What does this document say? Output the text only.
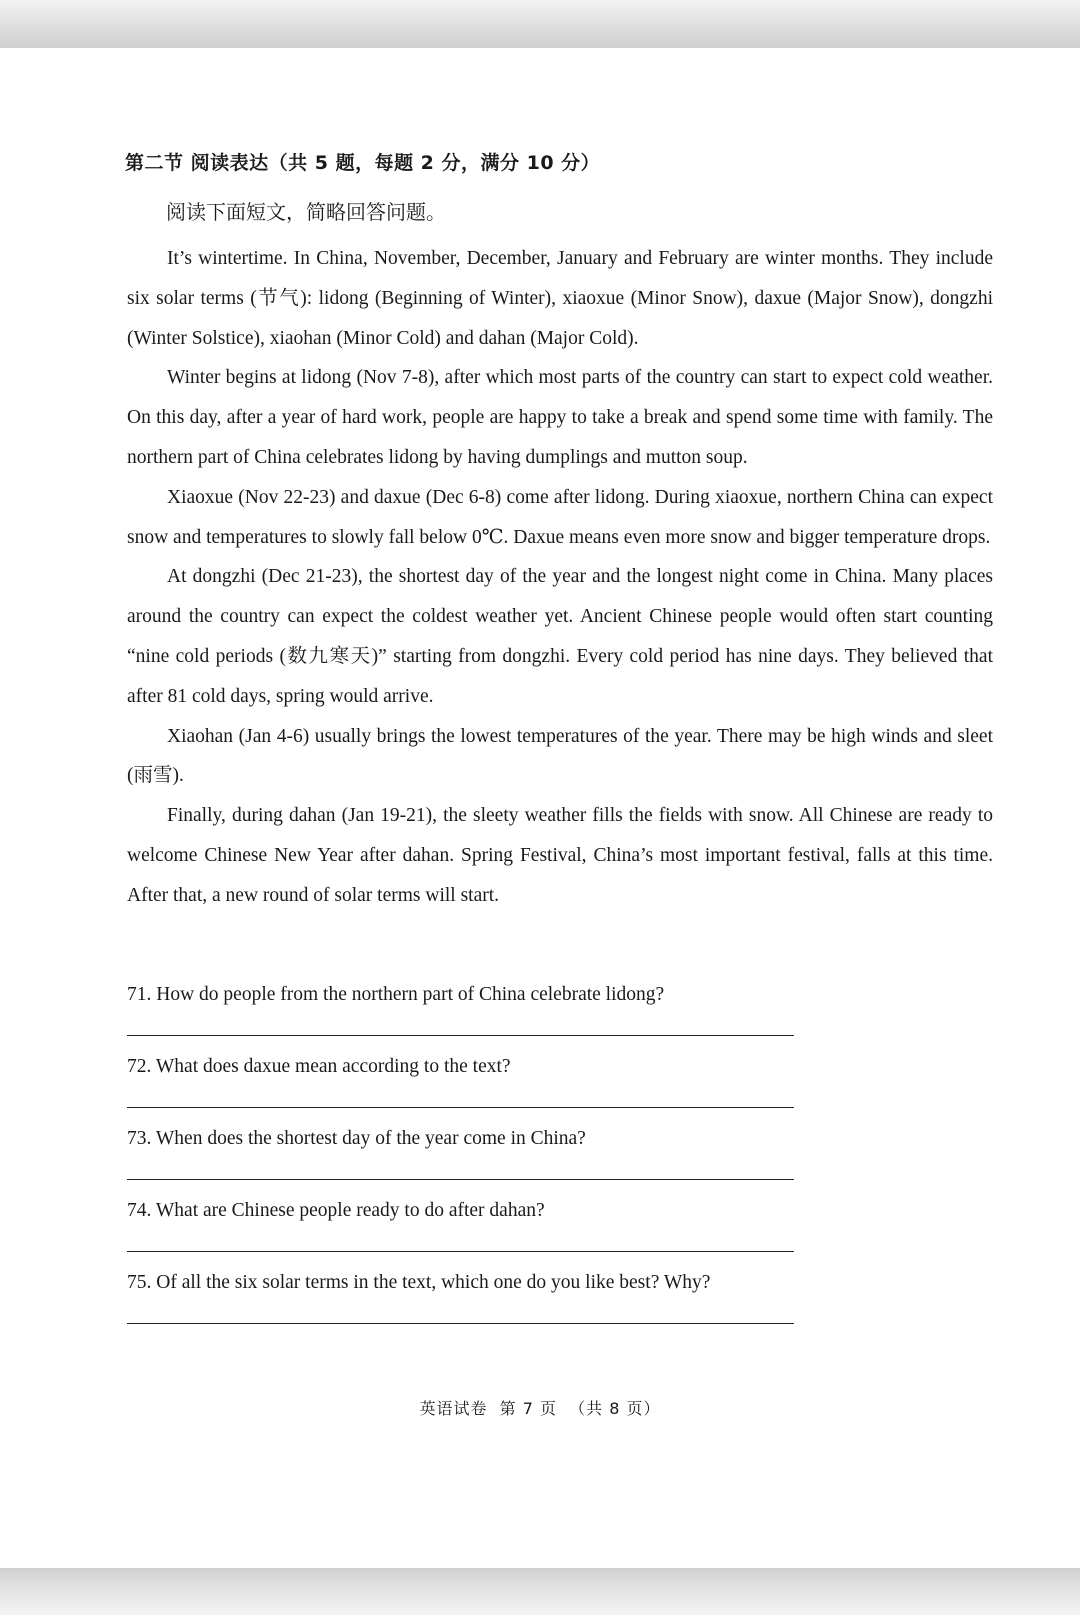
第二节 阅读表达（共 5 题，每题 2 分，满分 10 分）
阅读下面短文，简略回答问题。

It’s wintertime. In China, November, December, January and February are winter months. They include six solar terms (节气): lidong (Beginning of Winter), xiaoxue (Minor Snow), daxue (Major Snow), dongzhi (Winter Solstice), xiaohan (Minor Cold) and dahan (Major Cold).

Winter begins at lidong (Nov 7-8), after which most parts of the country can start to expect cold weather. On this day, after a year of hard work, people are happy to take a break and spend some time with family. The northern part of China celebrates lidong by having dumplings and mutton soup.

Xiaoxue (Nov 22-23) and daxue (Dec 6-8) come after lidong. During xiaoxue, northern China can expect snow and temperatures to slowly fall below 0℃. Daxue means even more snow and bigger temperature drops.

At dongzhi (Dec 21-23), the shortest day of the year and the longest night come in China. Many places around the country can expect the coldest weather yet. Ancient Chinese people would often start counting “nine cold periods (数九寒天)” starting from dongzhi. Every cold period has nine days. They believed that after 81 cold days, spring would arrive.

Xiaohan (Jan 4-6) usually brings the lowest temperatures of the year. There may be high winds and sleet (雨雪).

Finally, during dahan (Jan 19-21), the sleety weather fills the fields with snow. All Chinese are ready to welcome Chinese New Year after dahan. Spring Festival, China’s most important festival, falls at this time. After that, a new round of solar terms will start.

71. How do people from the northern part of China celebrate lidong?
72. What does daxue mean according to the text?
73. When does the shortest day of the year come in China?
74. What are Chinese people ready to do after dahan?
75. Of all the six solar terms in the text, which one do you like best? Why?
英语试卷  第 7 页  （共 8 页）
